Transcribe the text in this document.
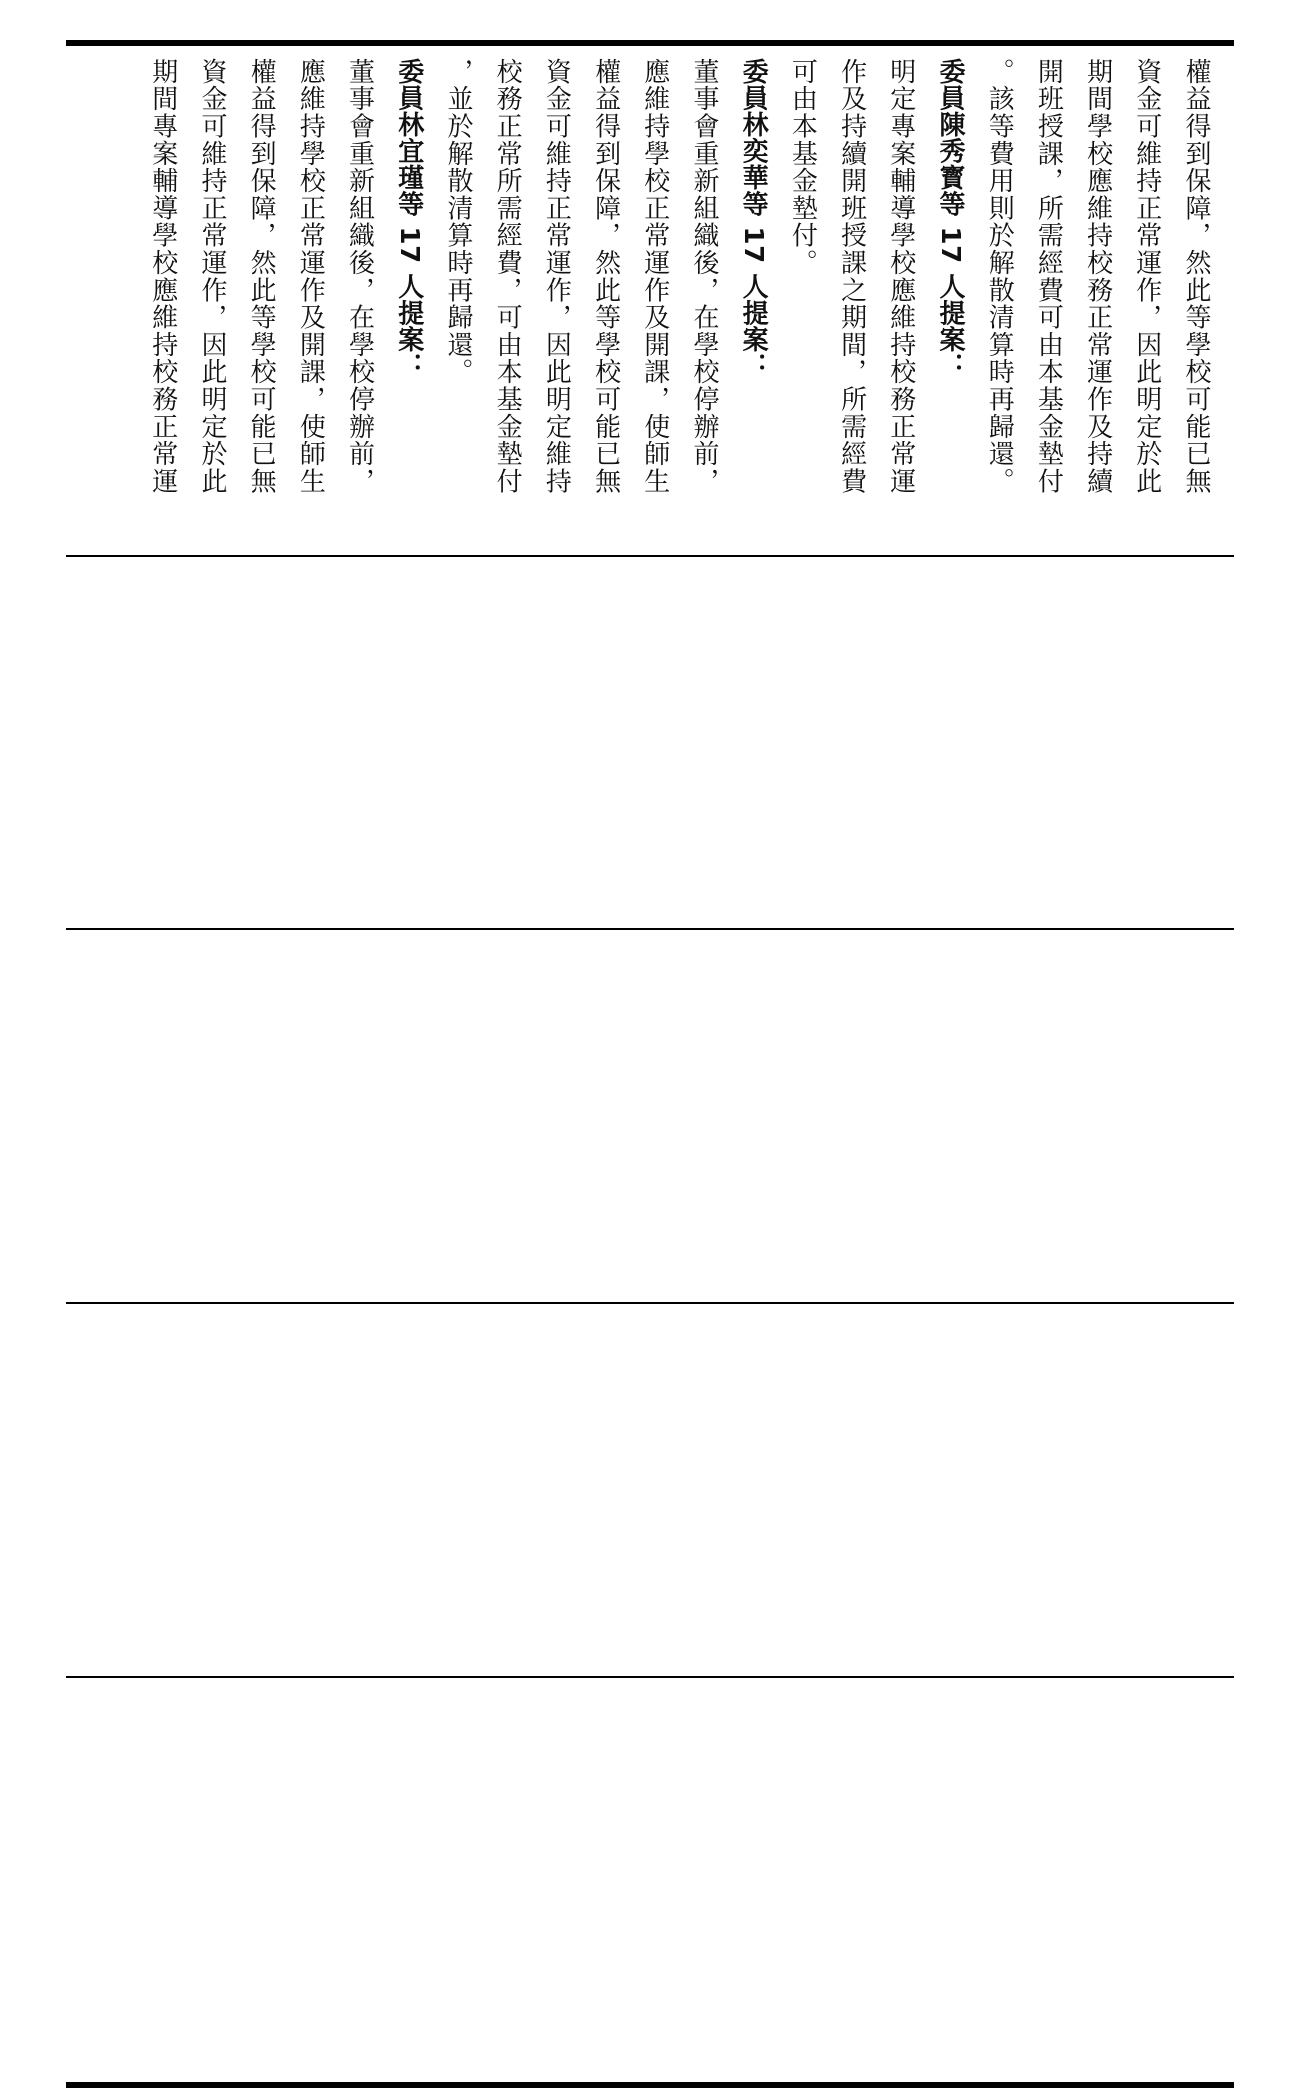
權益得到保障，然此等學校可能已無

資金可維持正常運作，因此明定於此

期間學校應維持校務正常運作及持續

開班授課，所需經費可由本基金墊付

。該等費用則於解散清算時再歸還。

委員陳秀寳等 17 人提案：

明定專案輔導學校應維持校務正常運

作及持續開班授課之期間，所需經費

可由本基金墊付。

委員林奕華等 17 人提案：

董事會重新組織後，在學校停辦前，

應維持學校正常運作及開課，使師生

權益得到保障，然此等學校可能已無

資金可維持正常運作，因此明定維持

校務正常所需經費，可由本基金墊付

，並於解散清算時再歸還。

委員林宜瑾等 17 人提案：

董事會重新組織後，在學校停辦前，

應維持學校正常運作及開課，使師生

權益得到保障，然此等學校可能已無

資金可維持正常運作，因此明定於此

期間專案輔導學校應維持校務正常運
